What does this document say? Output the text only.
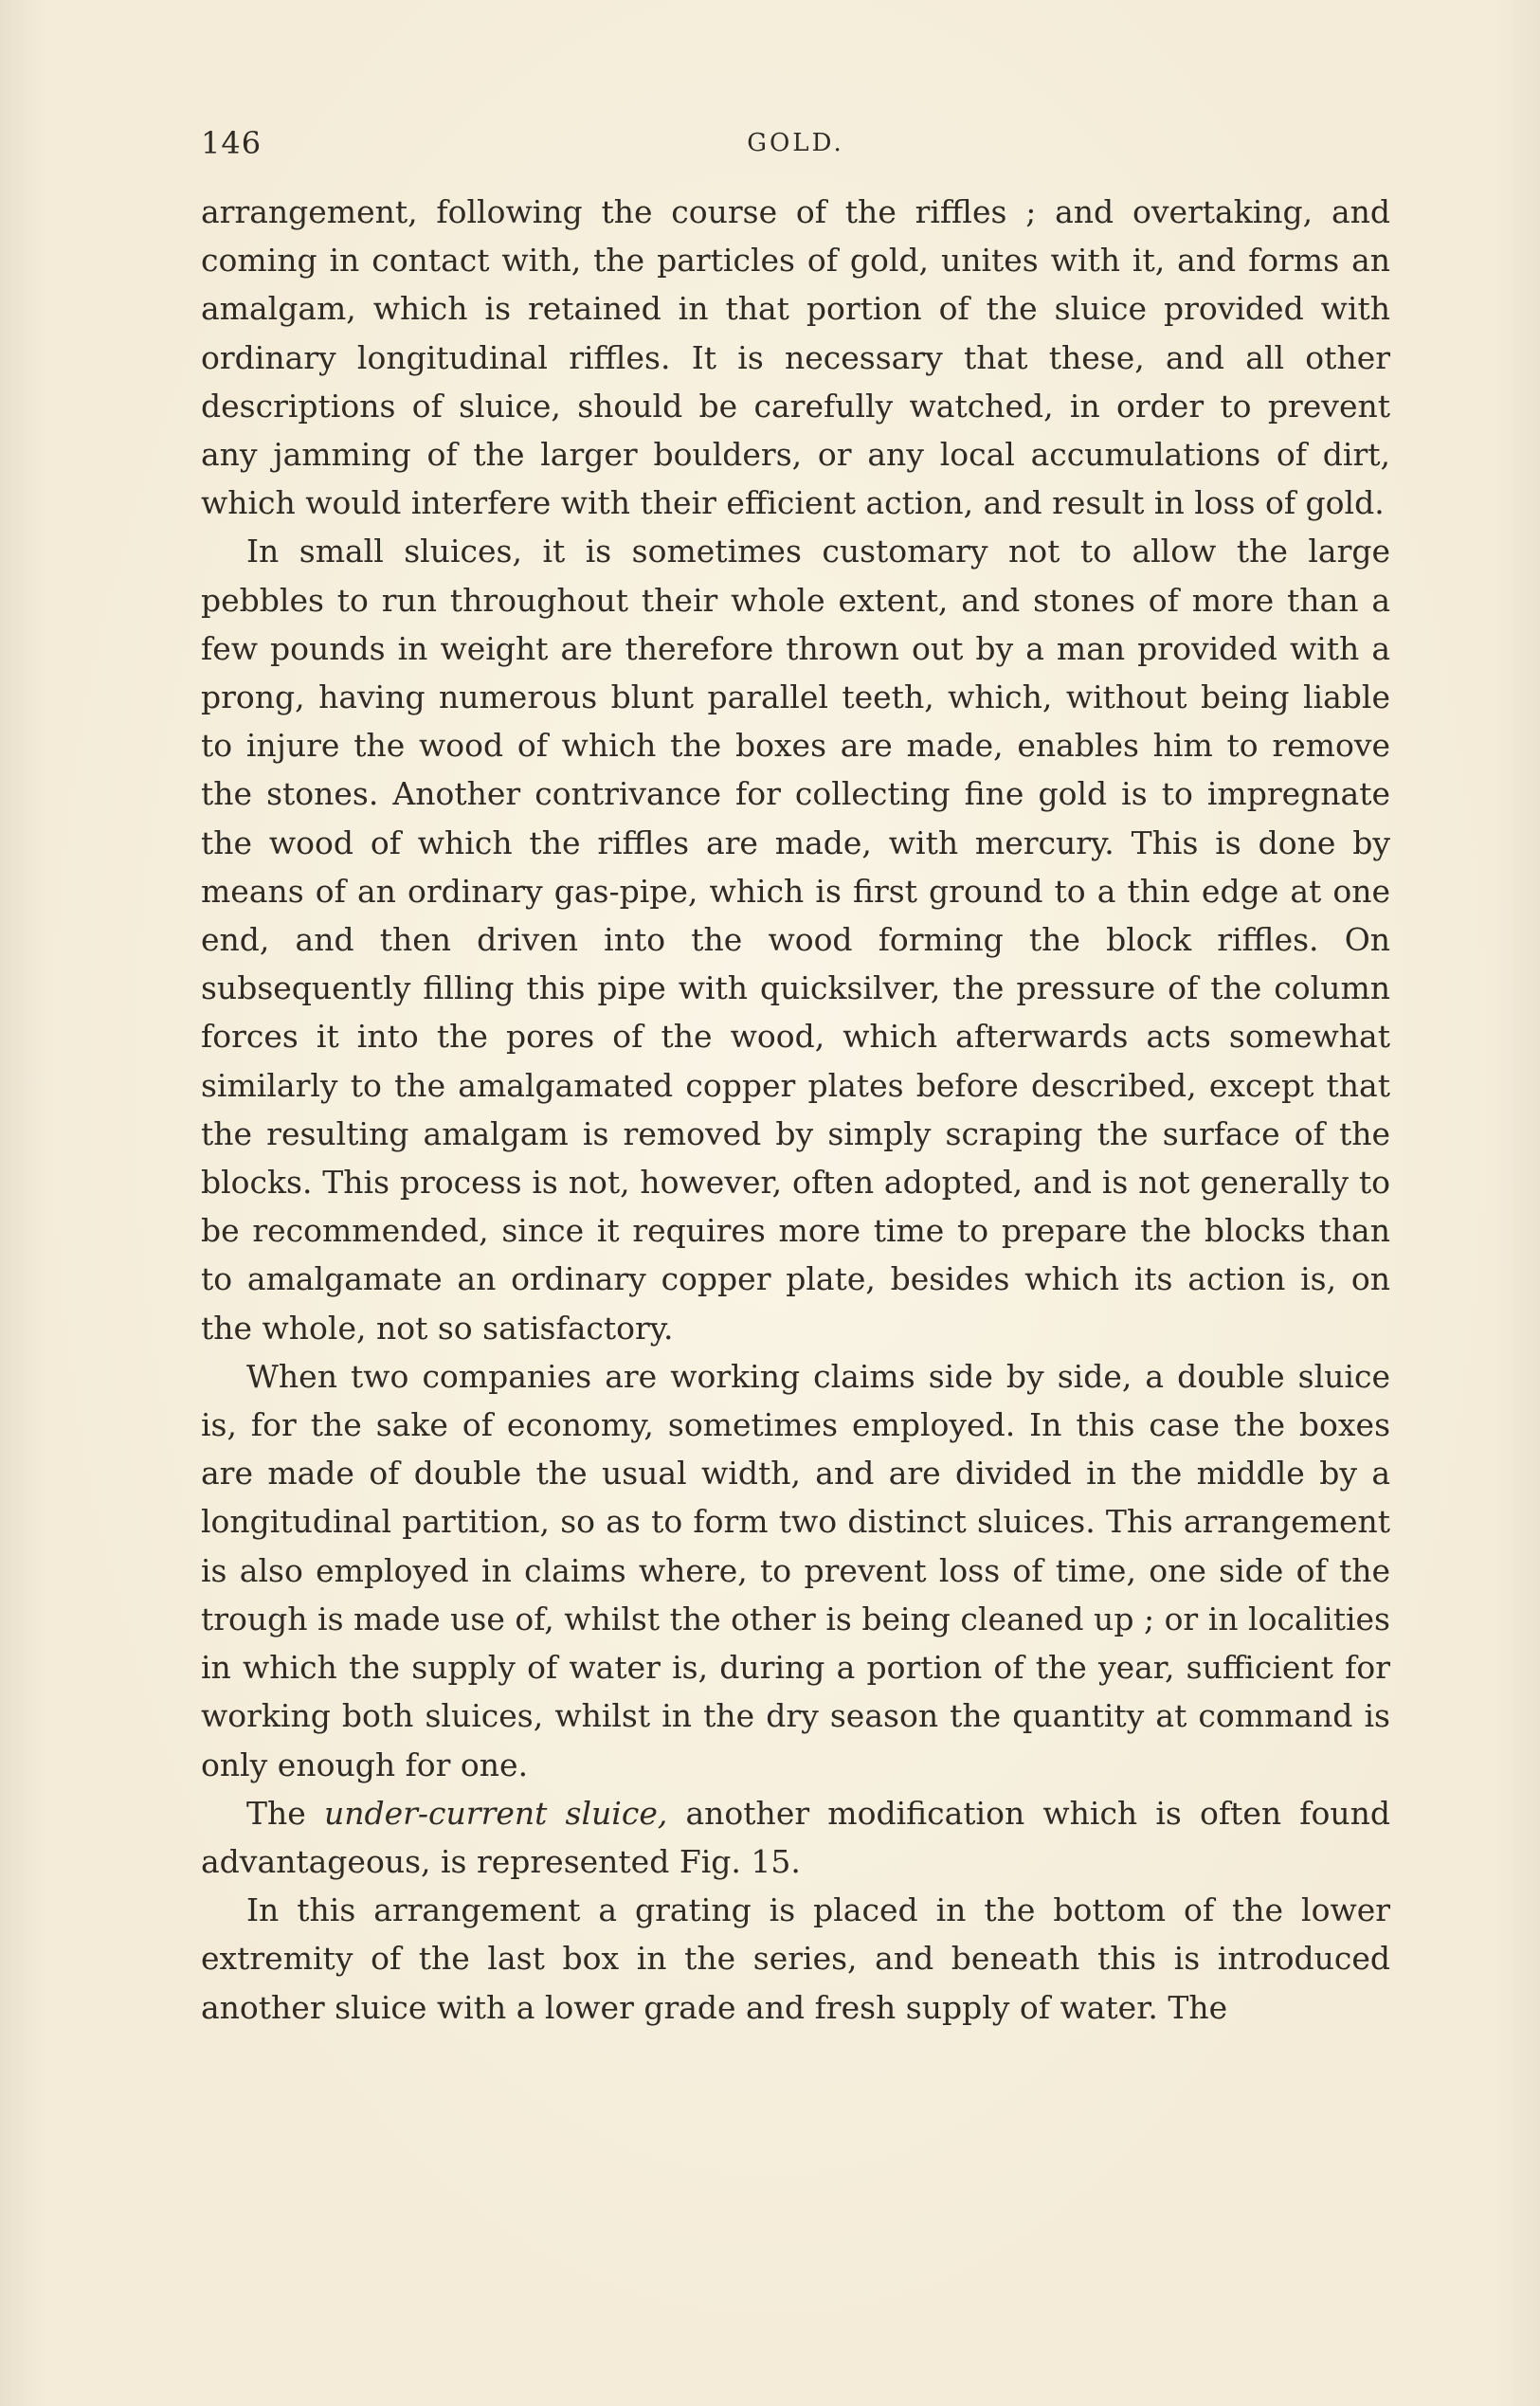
146	GOLD.

arrangement, following the course of the riffles ; and overtaking, and coming in contact with, the particles of gold, unites with it, and forms an amalgam, which is retained in that portion of the sluice provided with ordinary longitudinal riffles. It is necessary that these, and all other descriptions of sluice, should be carefully watched, in order to prevent any jamming of the larger boulders, or any local accumulations of dirt, which would interfere with their efficient action, and result in loss of gold.

In small sluices, it is sometimes customary not to allow the large pebbles to run throughout their whole extent, and stones of more than a few pounds in weight are therefore thrown out by a man provided with a prong, having numerous blunt parallel teeth, which, without being liable to injure the wood of which the boxes are made, enables him to remove the stones. Another contrivance for collecting fine gold is to impregnate the wood of which the riffles are made, with mercury. This is done by means of an ordinary gas-pipe, which is first ground to a thin edge at one end, and then driven into the wood forming the block riffles. On subsequently filling this pipe with quicksilver, the pressure of the column forces it into the pores of the wood, which afterwards acts somewhat similarly to the amalgamated copper plates before described, except that the resulting amalgam is removed by simply scraping the surface of the blocks. This process is not, however, often adopted, and is not generally to be recommended, since it requires more time to prepare the blocks than to amalgamate an ordinary copper plate, besides which its action is, on the whole, not so satisfactory.

When two companies are working claims side by side, a double sluice is, for the sake of economy, sometimes employed. In this case the boxes are made of double the usual width, and are divided in the middle by a longitudinal partition, so as to form two distinct sluices. This arrangement is also employed in claims where, to prevent loss of time, one side of the trough is made use of, whilst the other is being cleaned up ; or in localities in which the supply of water is, during a portion of the year, sufficient for working both sluices, whilst in the dry season the quantity at command is only enough for one.

The under-current sluice, another modification which is often found advantageous, is represented Fig. 15.

In this arrangement a grating is placed in the bottom of the lower extremity of the last box in the series, and beneath this is introduced another sluice with a lower grade and fresh supply of water. The
